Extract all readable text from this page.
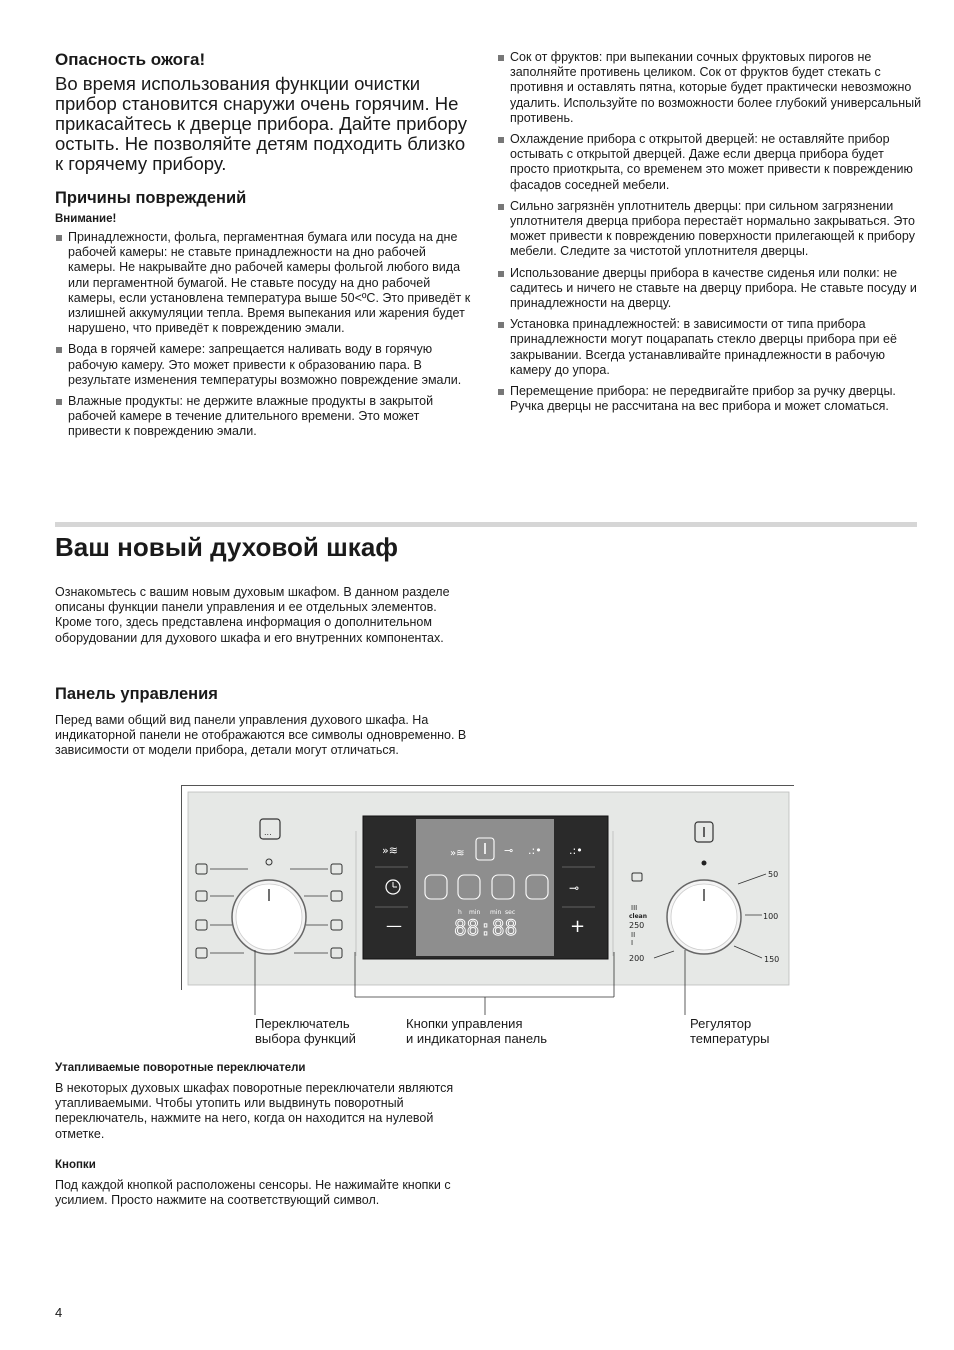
Опасность ожога!
Во время использования функции очистки прибор становится снаружи очень горячим. Не прикасайтесь к дверце прибора. Дайте прибору остыть. Не позволяйте детям подходить близко к горячему прибору.
Причины повреждений
Внимание!
Принадлежности, фольга, пергаментная бумага или посуда на дне рабочей камеры: не ставьте принадлежности на дно рабочей камеры. Не накрывайте дно рабочей камеры фольгой любого вида или пергаментной бумагой. Не ставьте посуду на дно рабочей камеры, если установлена температура выше 50<ºC. Это приведёт к излишней аккумуляции тепла. Время выпекания или жарения будет нарушено, что приведёт к повреждению эмали.
Вода в горячей камере: запрещается наливать воду в горячую рабочую камеру. Это может привести к образованию пара. В результате изменения температуры возможно повреждение эмали.
Влажные продукты: не держите влажные продукты в закрытой рабочей камере в течение длительного времени. Это может привести к повреждению эмали.
Сок от фруктов: при выпекании сочных фруктовых пирогов не заполняйте противень целиком. Сок от фруктов будет стекать с противня и оставлять пятна, которые будет практически невозможно удалить. Используйте по возможности более глубокий универсальный противень.
Охлаждение прибора с открытой дверцей: не оставляйте прибор остывать с открытой дверцей. Даже если дверца прибора будет просто приоткрыта, со временем это может привести к повреждению фасадов соседней мебели.
Сильно загрязнён уплотнитель дверцы: при сильном загрязнении уплотнителя дверца прибора перестаёт нормально закрываться. Это может привести к повреждению поверхности прилегающей к прибору мебели. Следите за чистотой уплотнителя дверцы.
Использование дверцы прибора в качестве сиденья или полки: не садитесь и ничего не ставьте на дверцу прибора. Не ставьте посуду и принадлежности на дверцу.
Установка принадлежностей: в зависимости от типа прибора принадлежности могут поцарапать стекло дверцы прибора при её закрывании. Всегда устанавливайте принадлежности в рабочую камеру до упора.
Перемещение прибора: не передвигайте прибор за ручку дверцы. Ручка дверцы не рассчитана на вес прибора и может сломаться.
Ваш новый духовой шкаф
Ознакомьтесь с вашим новым духовым шкафом. В данном разделе описаны функции панели управления и ее отдельных элементов. Кроме того, здесь представлена информация о дополнительном оборудовании для духового шкафа и его внутренних компонентах.
Панель управления
Перед вами общий вид панели управления духового шкафа. На индикаторной панели не отображаются все символы одновременно. В зависимости от модели прибора, детали могут отличаться.
...
»≋
—
.:•
⊸
+
»≋	⊸ .:•
h min min sec
88:88
50
100
150
200
250
III
clean
II
I
Переключатель
выбора функций
Кнопки управления
и индикаторная панель
Регулятор
температуры
Утапливаемые поворотные переключатели
В некоторых духовых шкафах поворотные переключатели являются утапливаемыми. Чтобы утопить или выдвинуть поворотный переключатель, нажмите на него, когда он находится на нулевой отметке.
Кнопки
Под каждой кнопкой расположены сенсоры. Не нажимайте кнопки с усилием. Просто нажмите на соответствующий символ.
4
